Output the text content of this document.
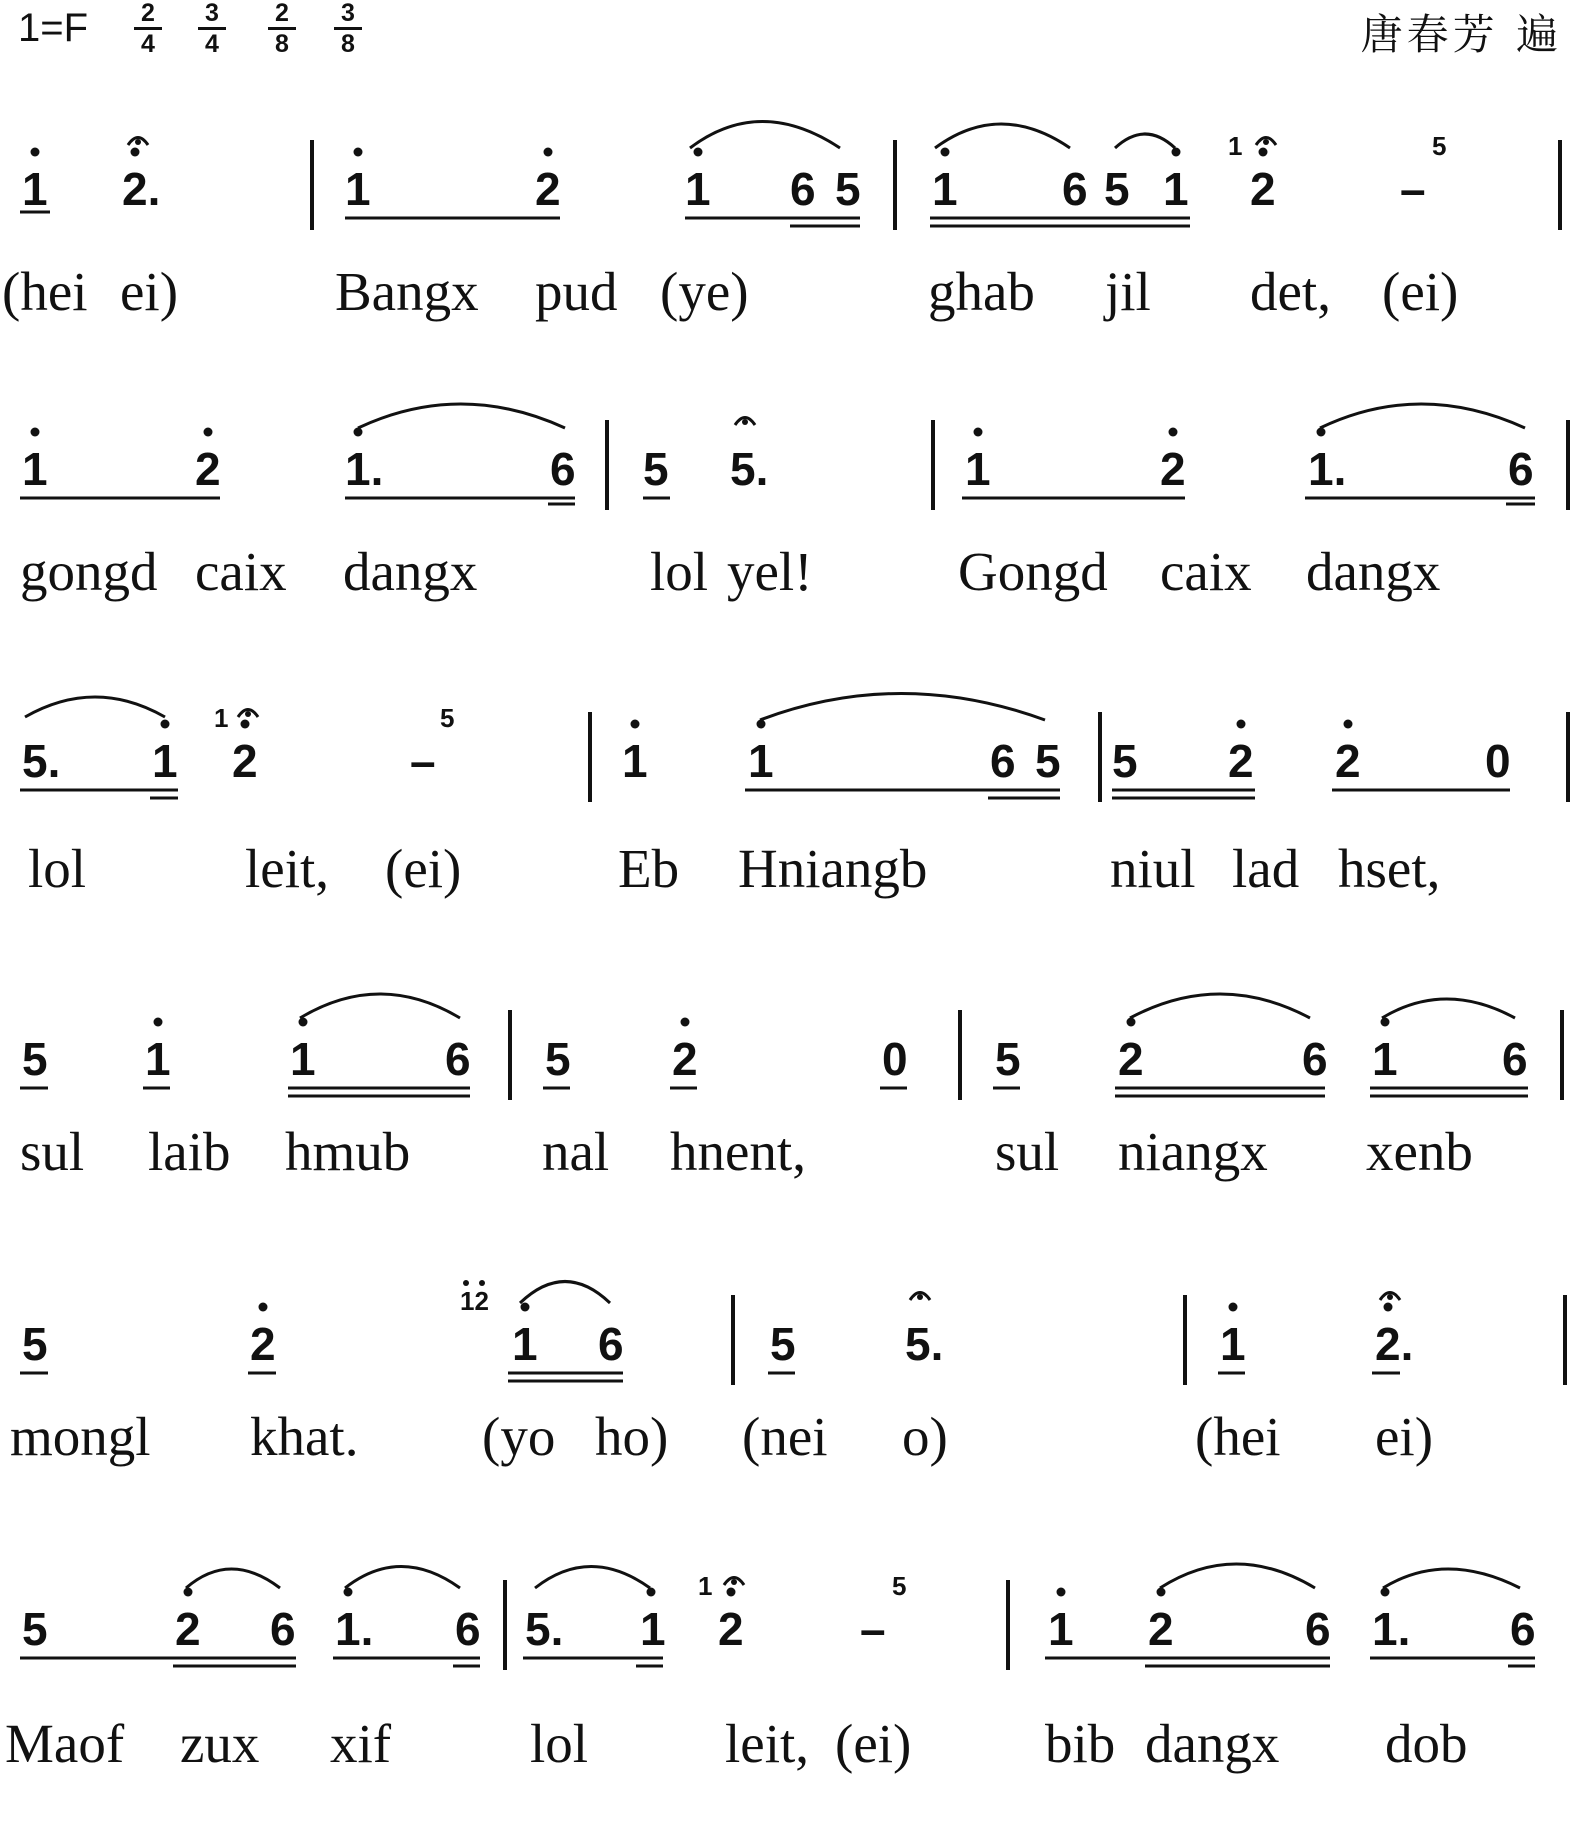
1=F	2
4
3
4
2
8
3
8	唐春芳 遍
1 2.	1	2	1 6 5 1 6 5 1 2	–
1	5
(hei ei)	Bangx pud (ye)	ghab jil det, (ei)
1	2	1.	6 5 5.	1	2	1.	6
gongd caix dangx	lol yel!	Gongd caix dangx
5. 1 2	–
1	5
1 1	6 5 5 2 2	0
lol	leit, (ei)	Eb Hniangb	niul lad hset,
5 1	1	6 5 2	0 5 2	6 1 6
sul laib hmub nal hnent,	sul niangx xenb
5	2	1 6
12
5 5.	1	2.
mongl khat. (yo ho) (nei o)	(hei ei)
5	2 6 1. 6 5. 1 2	–
1	5
1 2	6 1. 6
Maof zux xif	lol leit, (ei) bib dangx dob
